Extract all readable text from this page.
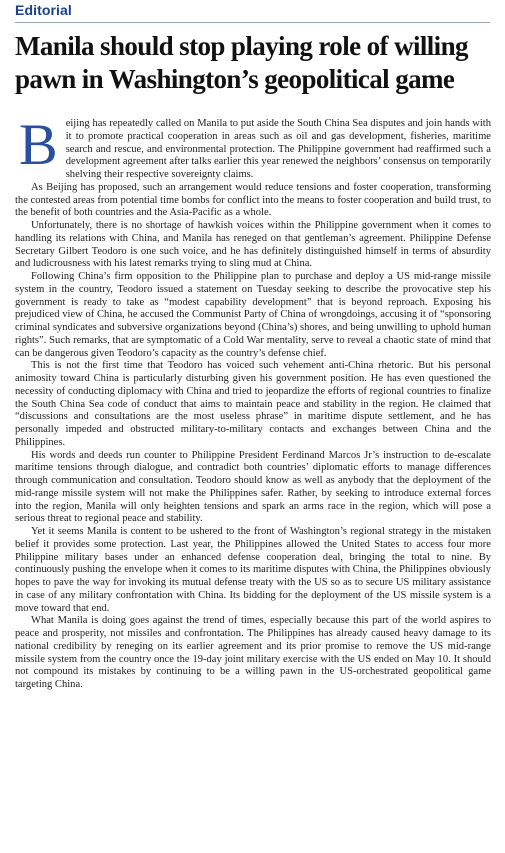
Editorial
Manila should stop playing role of willing pawn in Washington’s geopolitical game

Beijing has repeatedly called on Manila to put aside the South China Sea disputes and join hands with it to promote practical cooperation in areas such as oil and gas development, fisheries, maritime search and rescue, and environmental protection. The Philippine government had reaffirmed such a development agreement after talks earlier this year renewed the neighbors’ consensus on temporarily shelving their respective sovereignty claims.

As Beijing has proposed, such an arrangement would reduce tensions and foster cooperation, transforming the contested areas from potential time bombs for conflict into the means to foster cooperation and build trust, to the benefit of both countries and the Asia-Pacific as a whole.

Unfortunately, there is no shortage of hawkish voices within the Philippine government when it comes to handling its relations with China, and Manila has reneged on that gentleman’s agreement. Philippine Defense Secretary Gilbert Teodoro is one such voice, and he has definitely distinguished himself in terms of absurdity and ludicrousness with his latest remarks trying to sling mud at China.

Following China’s firm opposition to the Philippine plan to purchase and deploy a US mid-range missile system in the country, Teodoro issued a statement on Tuesday seeking to describe the provocative step his government is ready to take as “modest capability development” that is beyond reproach. Exposing his prejudiced view of China, he accused the Communist Party of China of wrongdoings, accusing it of “sponsoring criminal syndicates and subversive organizations beyond (China’s) shores, and being unwilling to uphold human rights”. Such remarks, that are symptomatic of a Cold War mentality, serve to reveal a chaotic state of mind that can be dangerous given Teodoro’s capacity as the country’s defense chief.

This is not the first time that Teodoro has voiced such vehement anti-China rhetoric. But his personal animosity toward China is particularly disturbing given his government position. He has even questioned the necessity of conducting diplomacy with China and tried to jeopardize the efforts of regional countries to finalize the South China Sea code of conduct that aims to maintain peace and stability in the region. He claimed that “discussions and consultations are the most useless phrase” in maritime dispute settlement, and he has personally impeded and obstructed military-to-military contacts and exchanges between China and the Philippines.

His words and deeds run counter to Philippine President Ferdinand Marcos Jr’s instruction to de-escalate maritime tensions through dialogue, and contradict both countries’ diplomatic efforts to manage differences through communication and consultation. Teodoro should know as well as anybody that the deployment of the mid-range missile system will not make the Philippines safer. Rather, by seeking to introduce external forces into the region, Manila will only heighten tensions and spark an arms race in the region, which will pose a serious threat to regional peace and stability.

Yet it seems Manila is content to be ushered to the front of Washington’s regional strategy in the mistaken belief it provides some protection. Last year, the Philippines allowed the United States to access four more Philippine military bases under an enhanced defense cooperation deal, bringing the total to nine. By continuously pushing the envelope when it comes to its maritime disputes with China, the Philippines obviously hopes to pave the way for invoking its mutual defense treaty with the US so as to secure US military assistance in case of any military confrontation with China. Its bidding for the deployment of the US missile system is a move toward that end.

What Manila is doing goes against the trend of times, especially because this part of the world aspires to peace and prosperity, not missiles and confrontation. The Philippines has already caused heavy damage to its national credibility by reneging on its earlier agreement and its prior promise to remove the US mid-range missile system from the country once the 19-day joint military exercise with the US ended on May 10. It should not compound its mistakes by continuing to be a willing pawn in the US-orchestrated geopolitical game targeting China.
